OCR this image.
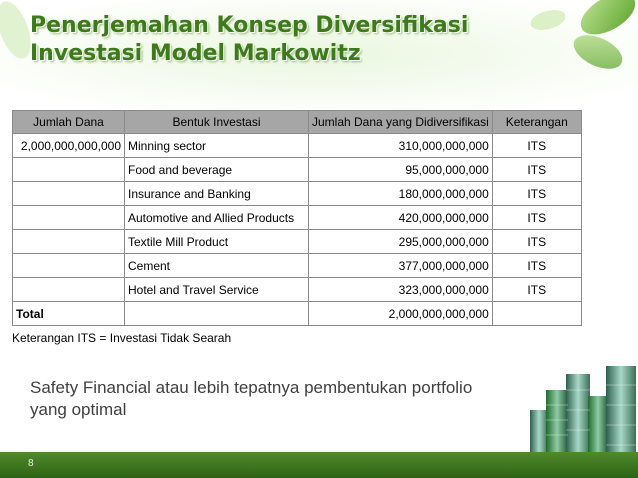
Penerjemahan Konsep Diversifikasi
Investasi Model Markowitz
Jumlah Dana	Bentuk Investasi	Jumlah Dana yang Didiversifikasi	Keterangan
2,000,000,000,000	Minning sector	310,000,000,000	ITS
	Food and beverage	95,000,000,000	ITS
	Insurance and Banking	180,000,000,000	ITS
	Automotive and Allied Products	420,000,000,000	ITS
	Textile Mill Product	295,000,000,000	ITS
	Cement	377,000,000,000	ITS
	Hotel and Travel Service	323,000,000,000	ITS
Total		2,000,000,000,000	
Keterangan ITS = Investasi Tidak Searah
Safety Financial atau lebih tepatnya pembentukan portfolio
yang optimal
8
